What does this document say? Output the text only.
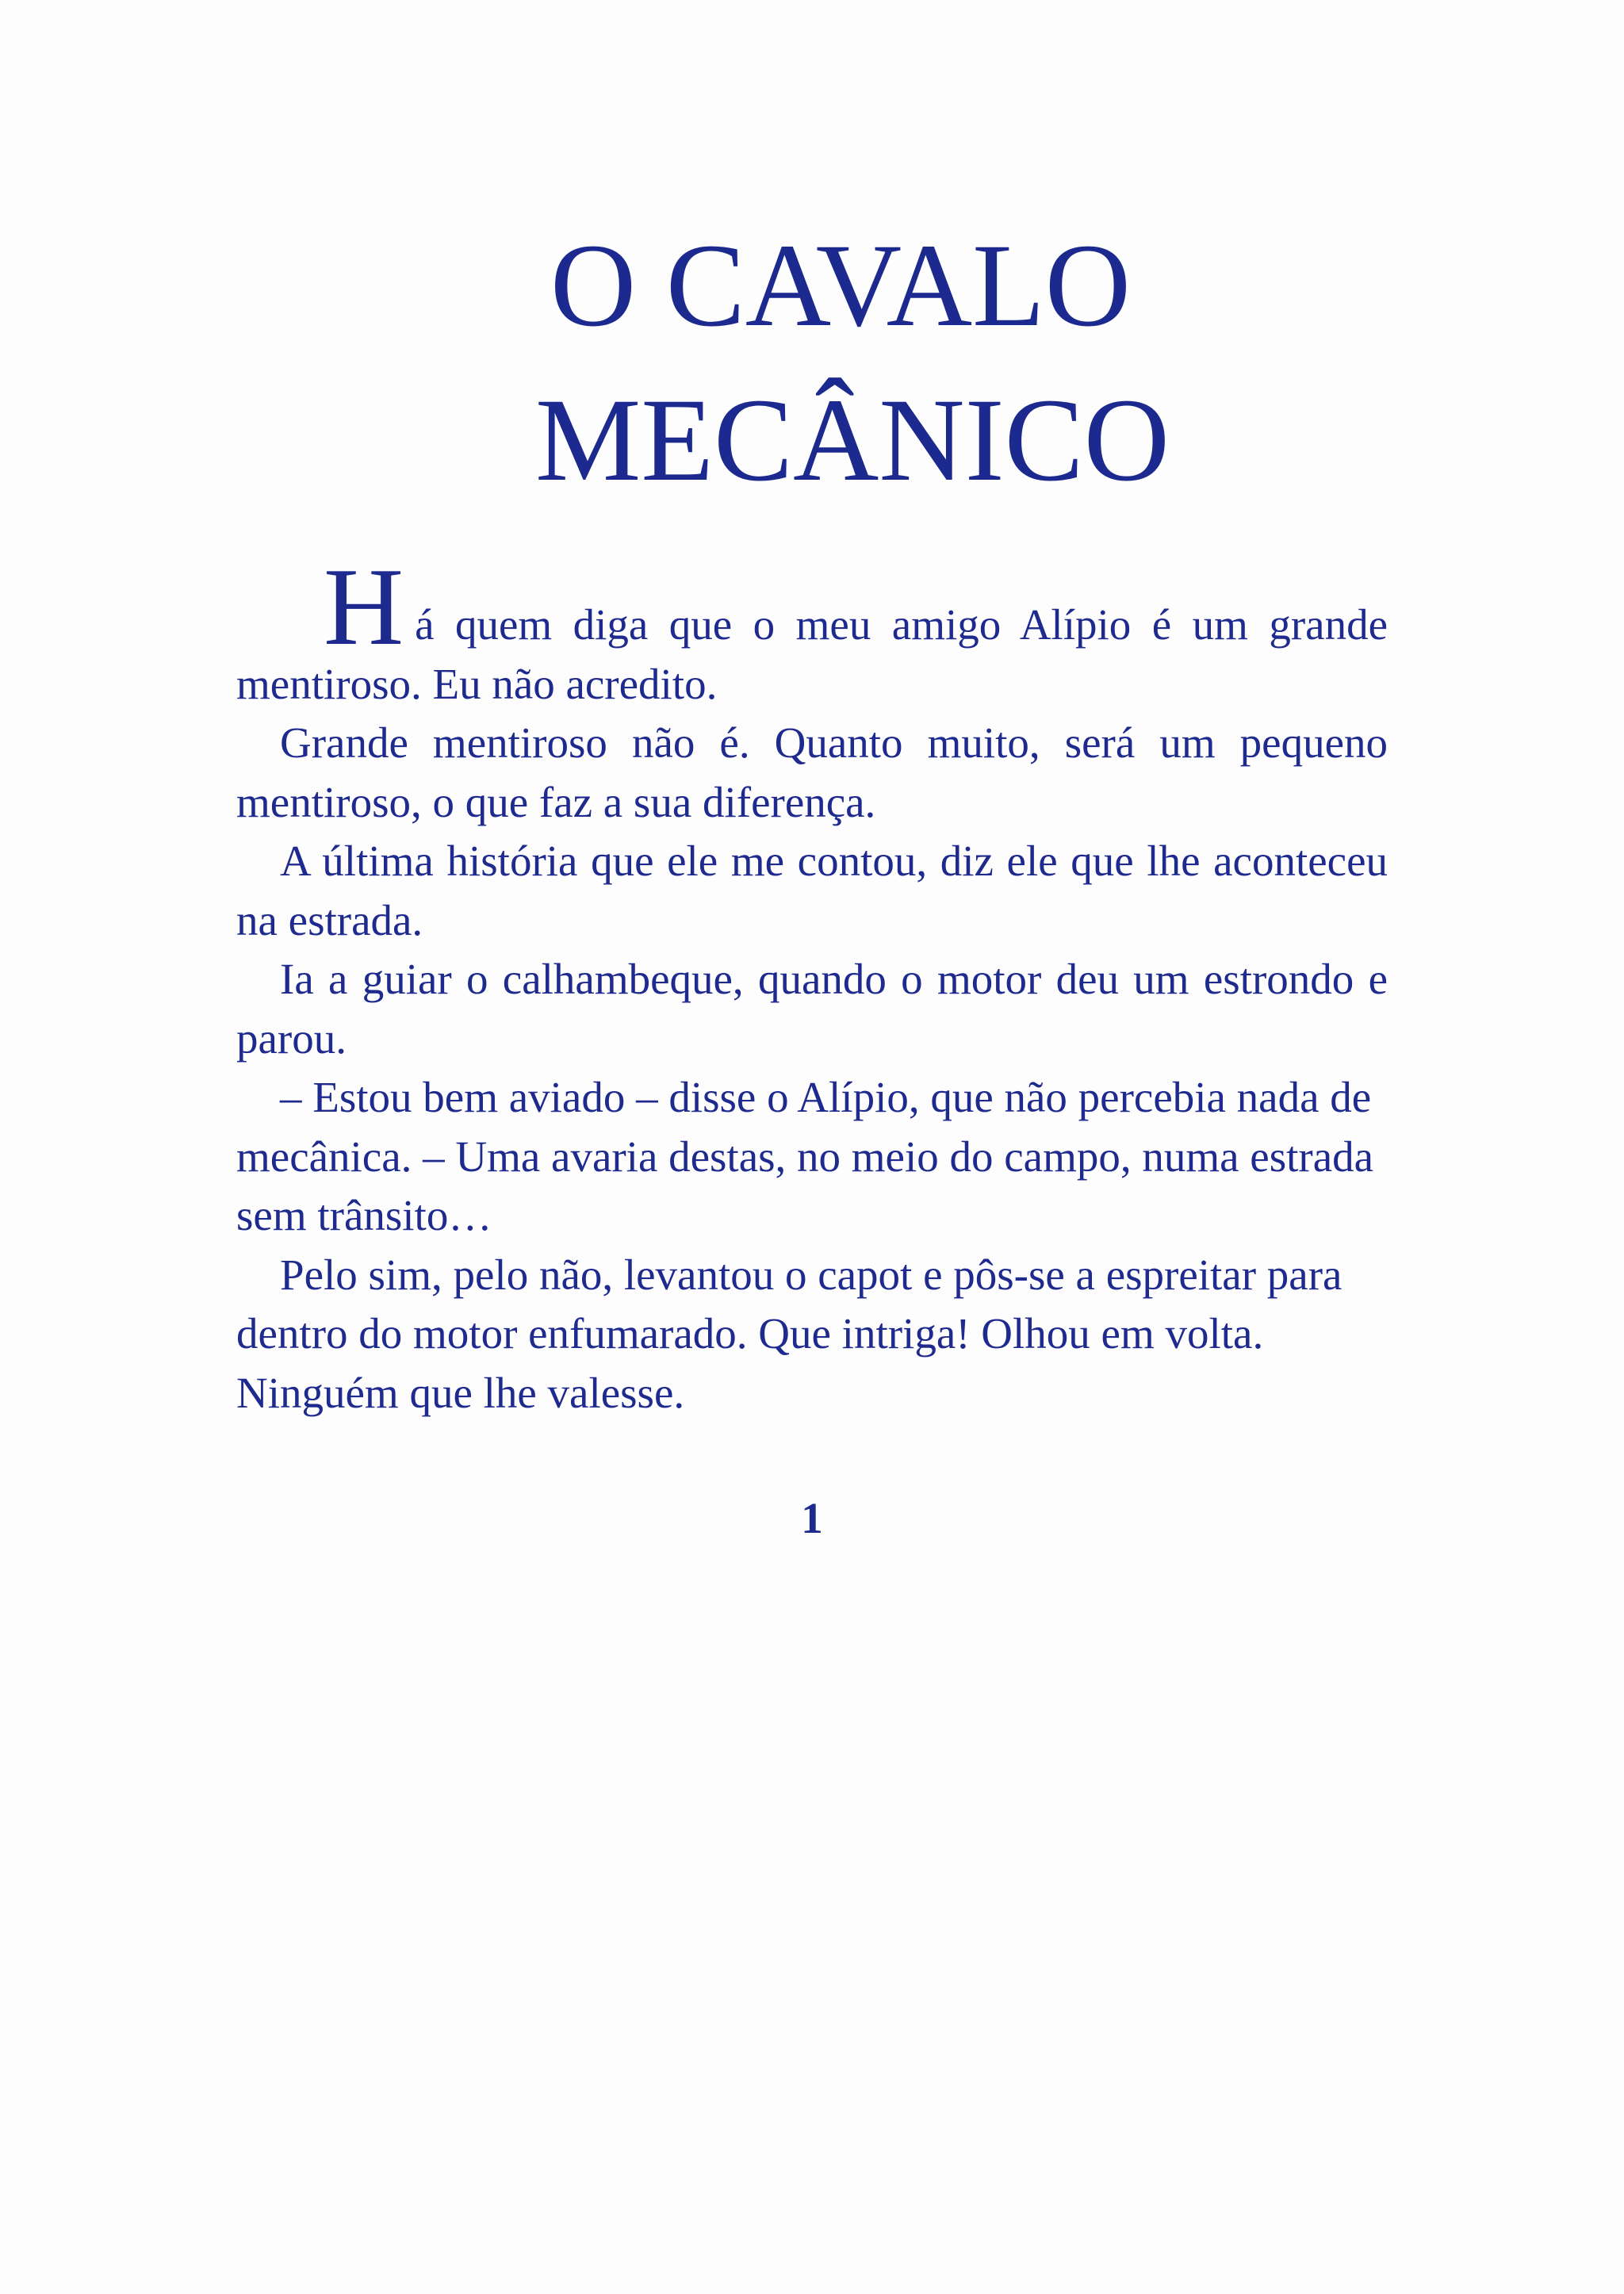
O CAVALO
MECÂNICO

Há quem diga que o meu amigo Alípio é um grande mentiroso. Eu não acredito.

Grande mentiroso não é. Quanto muito, será um pequeno mentiroso, o que faz a sua diferença.

A última história que ele me contou, diz ele que lhe aconteceu na estrada.

Ia a guiar o calhambeque, quando o motor deu um estrondo e parou.

– Estou bem aviado – disse o Alípio, que não percebia nada de mecânica. – Uma avaria destas, no meio do campo, numa estrada sem trânsito…

Pelo sim, pelo não, levantou o capot e pôs-se a espreitar para dentro do motor enfumarado. Que intriga! Olhou em volta. Ninguém que lhe valesse.

1
